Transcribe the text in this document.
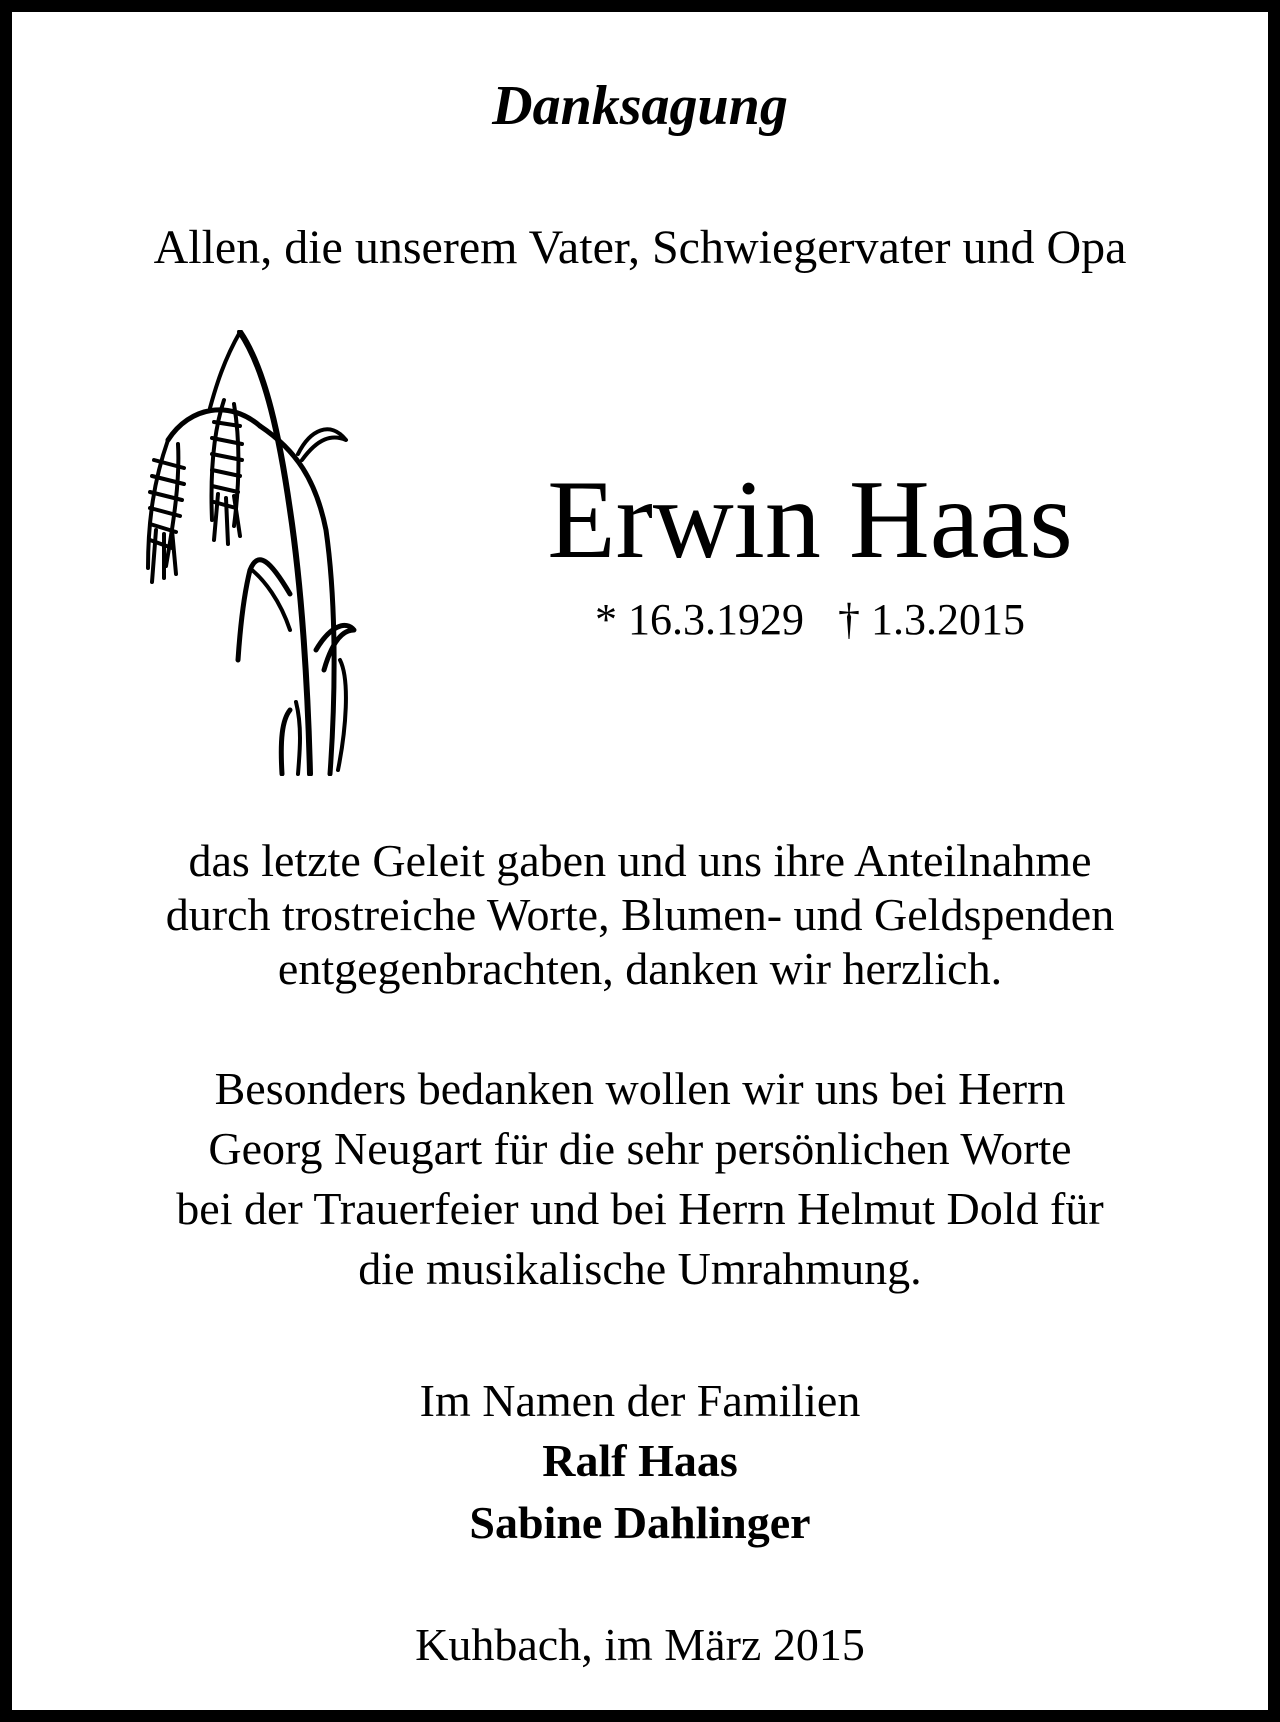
Danksagung
Allen, die unserem Vater, Schwiegervater und Opa
Erwin Haas
* 16.3.1929 † 1.3.2015
das letzte Geleit gaben und uns ihre Anteilnahme
durch trostreiche Worte, Blumen- und Geldspenden
entgegenbrachten, danken wir herzlich.
Besonders bedanken wollen wir uns bei Herrn
Georg Neugart für die sehr persönlichen Worte
bei der Trauerfeier und bei Herrn Helmut Dold für
die musikalische Umrahmung.
Im Namen der Familien
Ralf Haas
Sabine Dahlinger
Kuhbach, im März 2015
